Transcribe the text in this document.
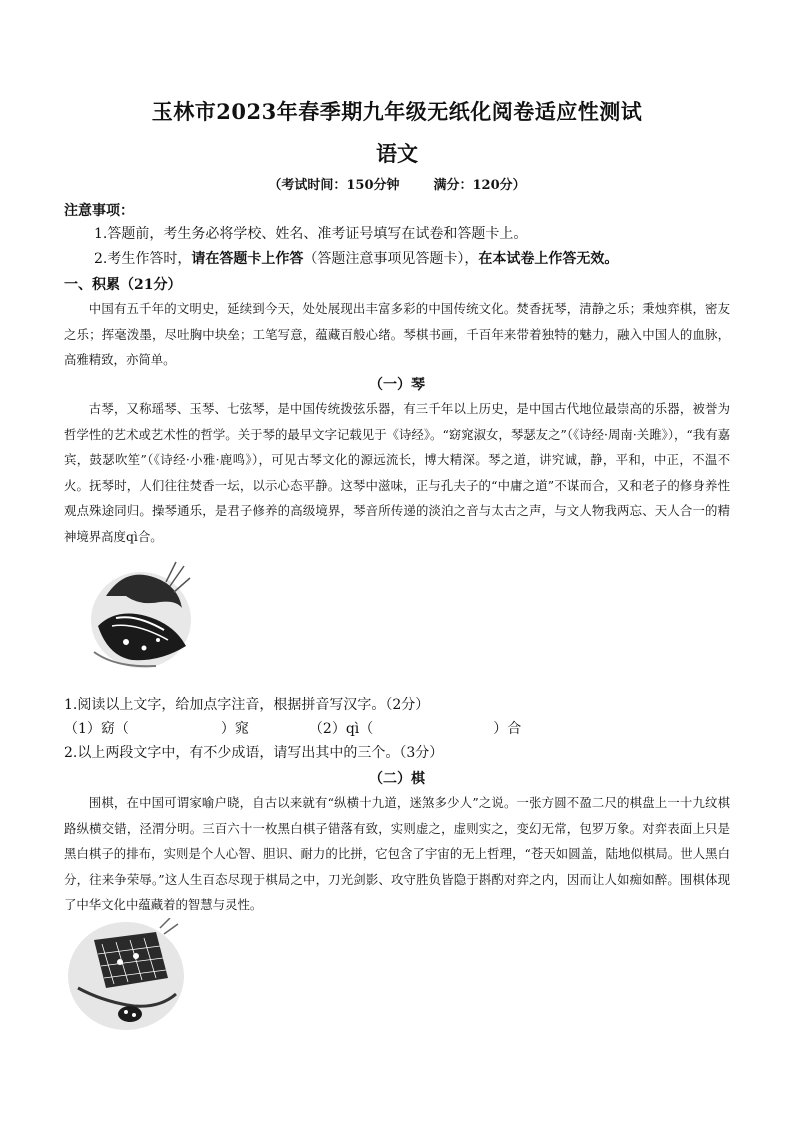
玉林市2023年春季期九年级无纸化阅卷适应性测试
语文
（考试时间：150分钟	满分：120分）
注意事项：
1.答题前，考生务必将学校、姓名、准考证号填写在试卷和答题卡上。
2.考生作答时，请在答题卡上作答（答题注意事项见答题卡），在本试卷上作答无效。
一、积累（21分）

中国有五千年的文明史，延续到今天，处处展现出丰富多彩的中国传统文化。焚香抚琴，清静之乐；秉烛弈棋，密友之乐；挥毫泼墨，尽吐胸中块垒；工笔写意，蕴藏百般心绪。琴棋书画，千百年来带着独特的魅力，融入中国人的血脉，高雅精致，亦简单。

（一）琴

古琴，又称瑶琴、玉琴、七弦琴，是中国传统拨弦乐器，有三千年以上历史，是中国古代地位最崇高的乐器，被誉为哲学性的艺术或艺术性的哲学。关于琴的最早文字记载见于《诗经》。“窈窕淑女，琴瑟友之”（《诗经·周南·关雎》），“我有嘉宾，鼓瑟吹笙”（《诗经·小雅·鹿鸣》），可见古琴文化的源远流长，博大精深。琴之道，讲究诚，静，平和，中正，不温不火。抚琴时，人们往往焚香一坛，以示心态平静。这琴中滋味，正与孔夫子的“中庸之道”不谋而合，又和老子的修身养性观点殊途同归。操琴通乐，是君子修养的高级境界，琴音所传递的淡泊之音与太古之声，与文人物我两忘、天人合一的精神境界高度qì合。

1.阅读以上文字，给加点字注音，根据拼音写汉字。（2分）
（1）窈（	）窕	（2）qì（	）合
2.以上两段文字中，有不少成语，请写出其中的三个。（3分）
（二）棋

围棋，在中国可谓家喻户晓，自古以来就有“纵横十九道，迷煞多少人”之说。一张方圆不盈二尺的棋盘上一十九纹棋路纵横交错，泾渭分明。三百六十一枚黑白棋子错落有致，实则虚之，虚则实之，变幻无常，包罗万象。对弈表面上只是黑白棋子的排布，实则是个人心智、胆识、耐力的比拼，它包含了宇宙的无上哲理，“苍天如圆盖，陆地似棋局。世人黑白分，往来争荣辱。”这人生百态尽现于棋局之中，刀光剑影、攻守胜负皆隐于斟酌对弈之内，因而让人如痴如醉。围棋体现了中华文化中蕴藏着的智慧与灵性。
